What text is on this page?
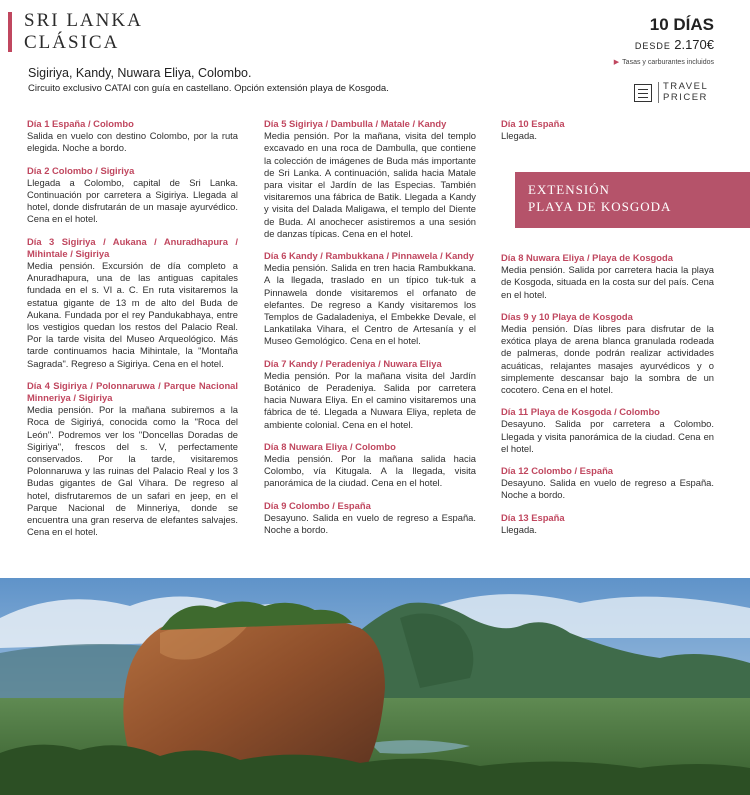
SRI LANKA
CLÁSICA
Sigiriya, Kandy, Nuwara Eliya, Colombo.
Circuito exclusivo CATAI con guía en castellano. Opción extensión playa de Kosgoda.
10 DÍAS
DESDE 2.170€
▶ Tasas y carburantes incluidos
TRAVEL
PRICER
Día 1 España / Colombo

Salida en vuelo con destino Colombo, por la ruta elegida. Noche a bordo.

Día 2 Colombo / Sigiriya

Llegada a Colombo, capital de Sri Lanka. Continuación por carretera a Sigiriya. Llegada al hotel, donde disfrutarán de un masaje ayurvédico. Cena en el hotel.

Día 3 Sigiriya / Aukana / Anuradhapura / Mihintale / Sigiriya

Media pensión. Excursión de día completo a Anuradhapura, una de las antiguas capitales fundada en el s. VI a. C. En ruta visitaremos la estatua gigante de 13 m de alto del Buda de Aukana. Fundada por el rey Pandukabhaya, entre los vestigios quedan los restos del Palacio Real. Por la tarde visita del Museo Arqueológico. Más tarde continuamos hacia Mihintale, la "Montaña Sagrada". Regreso a Sigiriya. Cena en el hotel.

Día 4 Sigiriya / Polonnaruwa / Parque Nacional Minneriya / Sigiriya

Media pensión. Por la mañana subiremos a la Roca de Sigiriyá, conocida como la "Roca del León". Podremos ver los "Doncellas Doradas de Sigiriya", frescos del s. V, perfectamente conservados. Por la tarde, visitaremos Polonnaruwa y las ruinas del Palacio Real y los 3 Budas gigantes de Gal Vihara. De regreso al hotel, disfrutaremos de un safari en jeep, en el Parque Nacional de Minneriya, donde se encuentra una gran reserva de elefantes salvajes. Cena en el hotel.

Día 5 Sigiriya / Dambulla / Matale / Kandy

Media pensión. Por la mañana, visita del templo excavado en una roca de Dambulla, que contiene la colección de imágenes de Buda más importante de Sri Lanka. A continuación, salida hacia Matale para visitar el Jardín de las Especias. También visitaremos una fábrica de Batik. Llegada a Kandy y visita del Dalada Maligawa, el templo del Diente de Buda. Al anochecer asistiremos a una sesión de danzas típicas. Cena en el hotel.

Día 6 Kandy / Rambukkana / Pinnawela / Kandy

Media pensión. Salida en tren hacia Rambukkana. A la llegada, traslado en un típico tuk-tuk a Pinnawela donde visitaremos el orfanato de elefantes. De regreso a Kandy visitaremos los Templos de Gadaladeniya, el Embekke Devale, el Lankatilaka Vihara, el Centro de Artesanía y el Museo Gemológico. Cena en el hotel.

Día 7 Kandy / Peradeniya / Nuwara Eliya

Media pensión. Por la mañana visita del Jardín Botánico de Peradeniya. Salida por carretera hacia Nuwara Eliya. En el camino visitaremos una fábrica de té. Llegada a Nuwara Eliya, repleta de ambiente colonial. Cena en el hotel.

Día 8 Nuwara Eliya / Colombo

Media pensión. Por la mañana salida hacia Colombo, vía Kitugala. A la llegada, visita panorámica de la ciudad. Cena en el hotel.

Día 9 Colombo / España

Desayuno. Salida en vuelo de regreso a España. Noche a bordo.

Día 10 España

Llegada.

EXTENSIÓN
PLAYA DE KOSGODA
Día 8 Nuwara Eliya / Playa de Kosgoda

Media pensión. Salida por carretera hacia la playa de Kosgoda, situada en la costa sur del país. Cena en el hotel.

Días 9 y 10 Playa de Kosgoda

Media pensión. Días libres para disfrutar de la exótica playa de arena blanca granulada rodeada de palmeras, donde podrán realizar actividades acuáticas, relajantes masajes ayurvédicos y o simplemente descansar bajo la sombra de un cocotero. Cena en el hotel.

Día 11 Playa de Kosgoda / Colombo

Desayuno. Salida por carretera a Colombo. Llegada y visita panorámica de la ciudad. Cena en el hotel.

Día 12 Colombo / España

Desayuno. Salida en vuelo de regreso a España. Noche a bordo.

Día 13 España

Llegada.
